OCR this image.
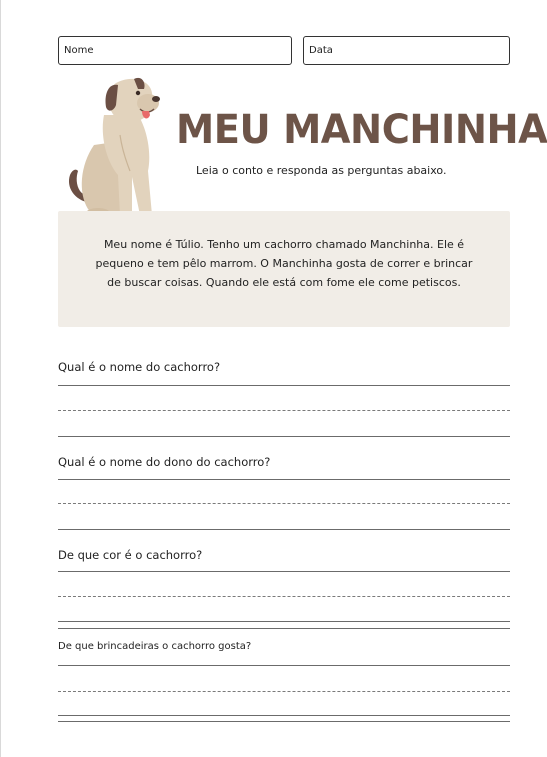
Nome	Data
MEU MANCHINHA
Leia o conto e responda as perguntas abaixo.
Meu nome é Túlio. Tenho um cachorro chamado Manchinha. Ele é
pequeno e tem pêlo marrom. O Manchinha gosta de correr e brincar
de buscar coisas. Quando ele está com fome ele come petiscos.
Qual é o nome do cachorro?
Qual é o nome do dono do cachorro?
De que cor é o cachorro?
De que brincadeiras o cachorro gosta?
